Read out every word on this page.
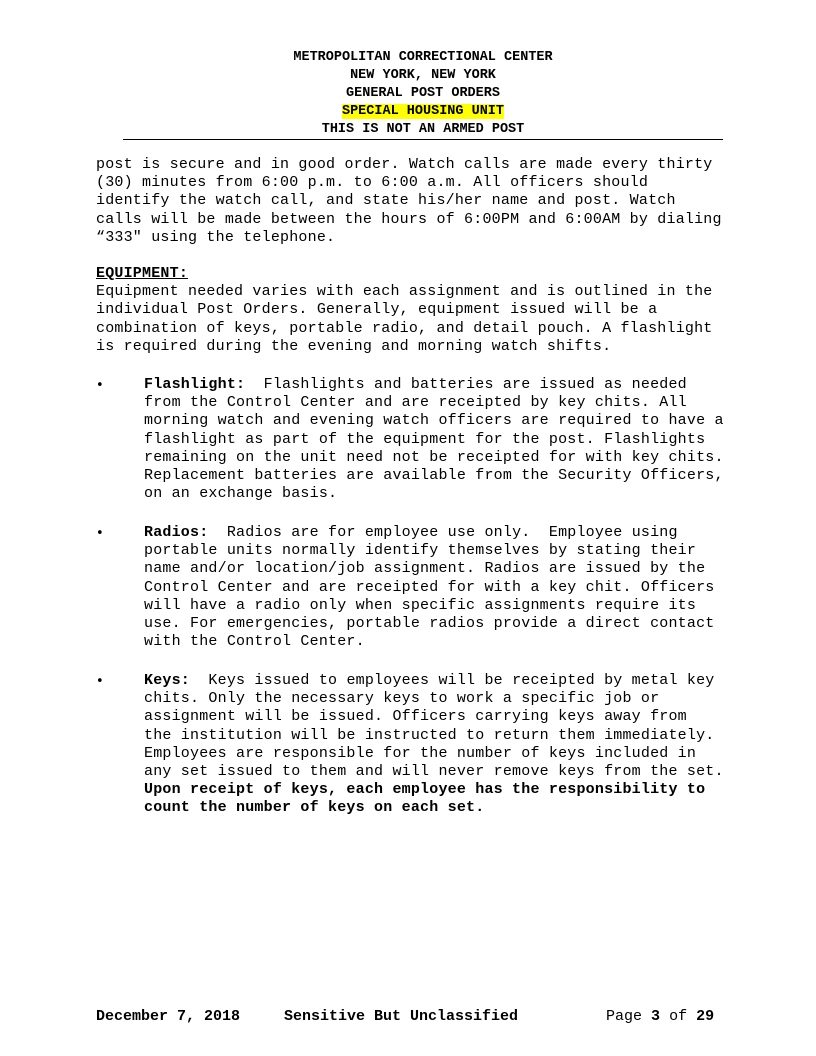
METROPOLITAN CORRECTIONAL CENTER
NEW YORK, NEW YORK
GENERAL POST ORDERS
SPECIAL HOUSING UNIT
THIS IS NOT AN ARMED POST
post is secure and in good order. Watch calls are made every thirty
(30) minutes from 6:00 p.m. to 6:00 a.m. All officers should
identify the watch call, and state his/her name and post. Watch
calls will be made between the hours of 6:00PM and 6:00AM by dialing
“333" using the telephone.
EQUIPMENT:
Equipment needed varies with each assignment and is outlined in the
individual Post Orders. Generally, equipment issued will be a
combination of keys, portable radio, and detail pouch. A flashlight
is required during the evening and morning watch shifts.
•	Flashlight:  Flashlights and batteries are issued as needed
from the Control Center and are receipted by key chits. All
morning watch and evening watch officers are required to have a
flashlight as part of the equipment for the post. Flashlights
remaining on the unit need not be receipted for with key chits.
Replacement batteries are available from the Security Officers,
on an exchange basis.
•	Radios:  Radios are for employee use only.  Employee using
portable units normally identify themselves by stating their
name and/or location/job assignment. Radios are issued by the
Control Center and are receipted for with a key chit. Officers
will have a radio only when specific assignments require its
use. For emergencies, portable radios provide a direct contact
with the Control Center.
•	Keys:  Keys issued to employees will be receipted by metal key
chits. Only the necessary keys to work a specific job or
assignment will be issued. Officers carrying keys away from
the institution will be instructed to return them immediately.
Employees are responsible for the number of keys included in
any set issued to them and will never remove keys from the set.
Upon receipt of keys, each employee has the responsibility to
count the number of keys on each set.
December 7, 2018	Sensitive But Unclassified	Page 3 of 29
